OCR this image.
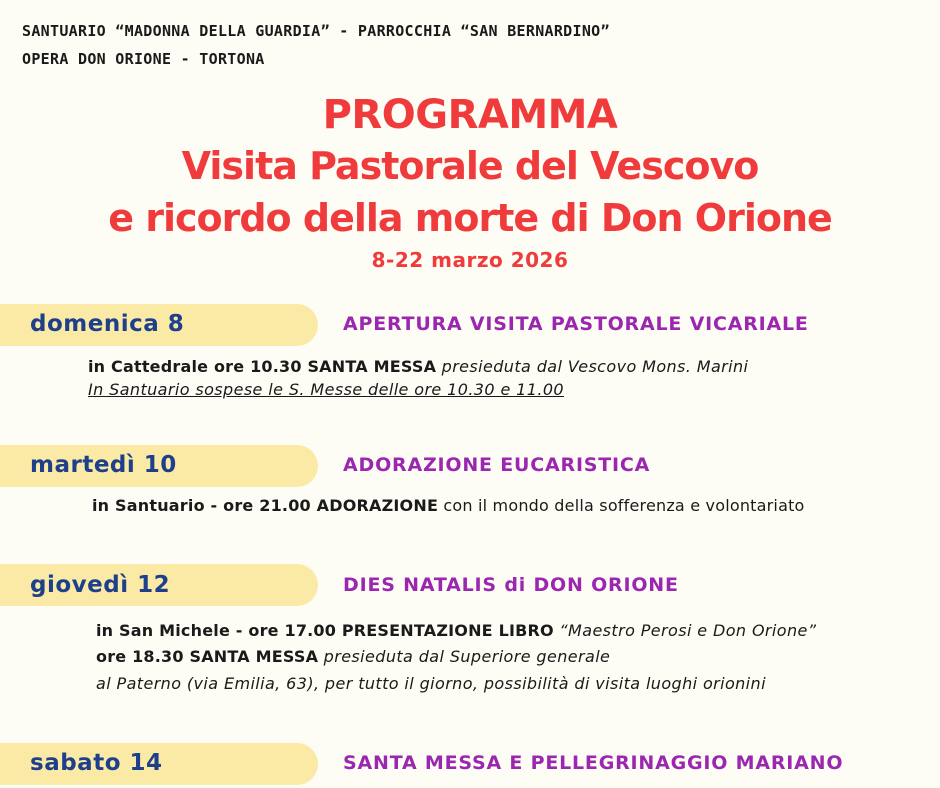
SANTUARIO “MADONNA DELLA GUARDIA” - PARROCCHIA “SAN BERNARDINO”
OPERA DON ORIONE - TORTONA
PROGRAMMA
Visita Pastorale del Vescovo
e ricordo della morte di Don Orione
8-22 marzo 2026
domenica 8	APERTURA VISITA PASTORALE VICARIALE
in Cattedrale ore 10.30 SANTA MESSA presieduta dal Vescovo Mons. Marini
In Santuario sospese le S. Messe delle ore 10.30 e 11.00
martedì 10	ADORAZIONE EUCARISTICA
in Santuario - ore 21.00 ADORAZIONE con il mondo della sofferenza e volontariato
giovedì 12	DIES NATALIS di DON ORIONE
in San Michele - ore 17.00 PRESENTAZIONE LIBRO “Maestro Perosi e Don Orione”
ore 18.30 SANTA MESSA presieduta dal Superiore generale
al Paterno (via Emilia, 63), per tutto il giorno, possibilità di visita luoghi orionini
sabato 14	SANTA MESSA E PELLEGRINAGGIO MARIANO
